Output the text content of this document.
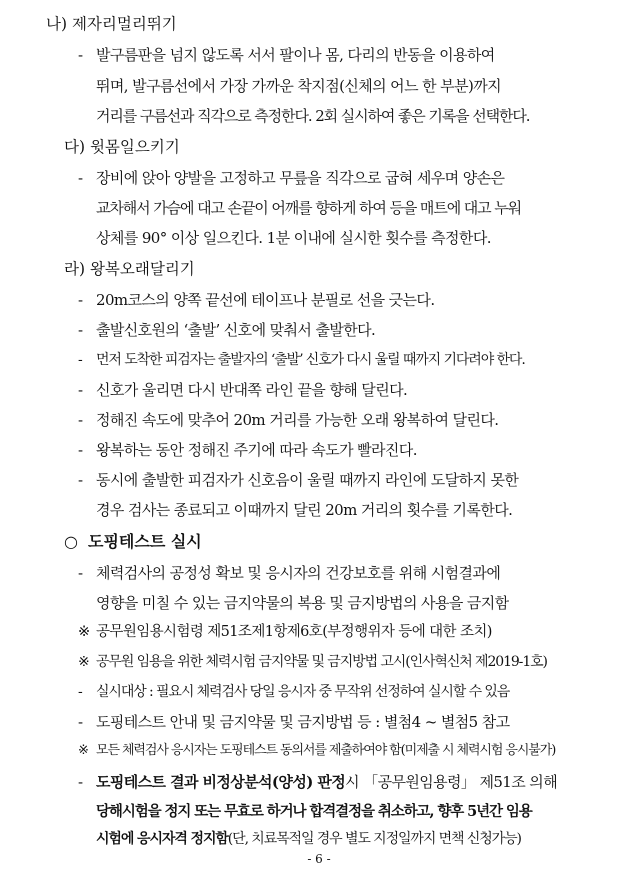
나) 제자리멀리뛰기
- 발구름판을 넘지 않도록 서서 팔이나 몸, 다리의 반동을 이용하여
뛰며, 발구름선에서 가장 가까운 착지점(신체의 어느 한 부분)까지
거리를 구름선과 직각으로 측정한다. 2회 실시하여 좋은 기록을 선택한다.
다) 윗몸일으키기
- 장비에 앉아 양발을 고정하고 무릎을 직각으로 굽혀 세우며 양손은
교차해서 가슴에 대고 손끝이 어깨를 향하게 하여 등을 매트에 대고 누워
상체를 90° 이상 일으킨다. 1분 이내에 실시한 횟수를 측정한다.
라) 왕복오래달리기
- 20m코스의 양쪽 끝선에 테이프나 분필로 선을 긋는다.
- 출발신호원의 ‘출발’ 신호에 맞춰서 출발한다.
- 먼저 도착한 피검자는 출발자의 ‘출발’ 신호가 다시 울릴 때까지 기다려야 한다.
- 신호가 울리면 다시 반대쪽 라인 끝을 향해 달린다.
- 정해진 속도에 맞추어 20m 거리를 가능한 오래 왕복하여 달린다.
- 왕복하는 동안 정해진 주기에 따라 속도가 빨라진다.
- 동시에 출발한 피검자가 신호음이 울릴 때까지 라인에 도달하지 못한
경우 검사는 종료되고 이때까지 달린 20m 거리의 횟수를 기록한다.
○ 도핑테스트 실시
- 체력검사의 공정성 확보 및 응시자의 건강보호를 위해 시험결과에
영향을 미칠 수 있는 금지약물의 복용 및 금지방법의 사용을 금지함
※ 공무원임용시험령 제51조제1항제6호(부정행위자 등에 대한 조치)
※ 공무원 임용을 위한 체력시험 금지약물 및 금지방법 고시(인사혁신처 제2019-1호)
- 실시대상 : 필요시 체력검사 당일 응시자 중 무작위 선정하여 실시할 수 있음
- 도핑테스트 안내 및 금지약물 및 금지방법 등 : 별첨4 ~ 별첨5 참고
※ 모든 체력검사 응시자는 도핑테스트 동의서를 제출하여야 함(미제출 시 체력시험 응시불가)
- 도핑테스트 결과 비정상분석(양성) 판정시 「공무원임용령」 제51조 의해
당해시험을 정지 또는 무효로 하거나 합격결정을 취소하고, 향후 5년간 임용
시험에 응시자격 정지함(단, 치료목적일 경우 별도 지정일까지 면책 신청가능)
- 6 -
